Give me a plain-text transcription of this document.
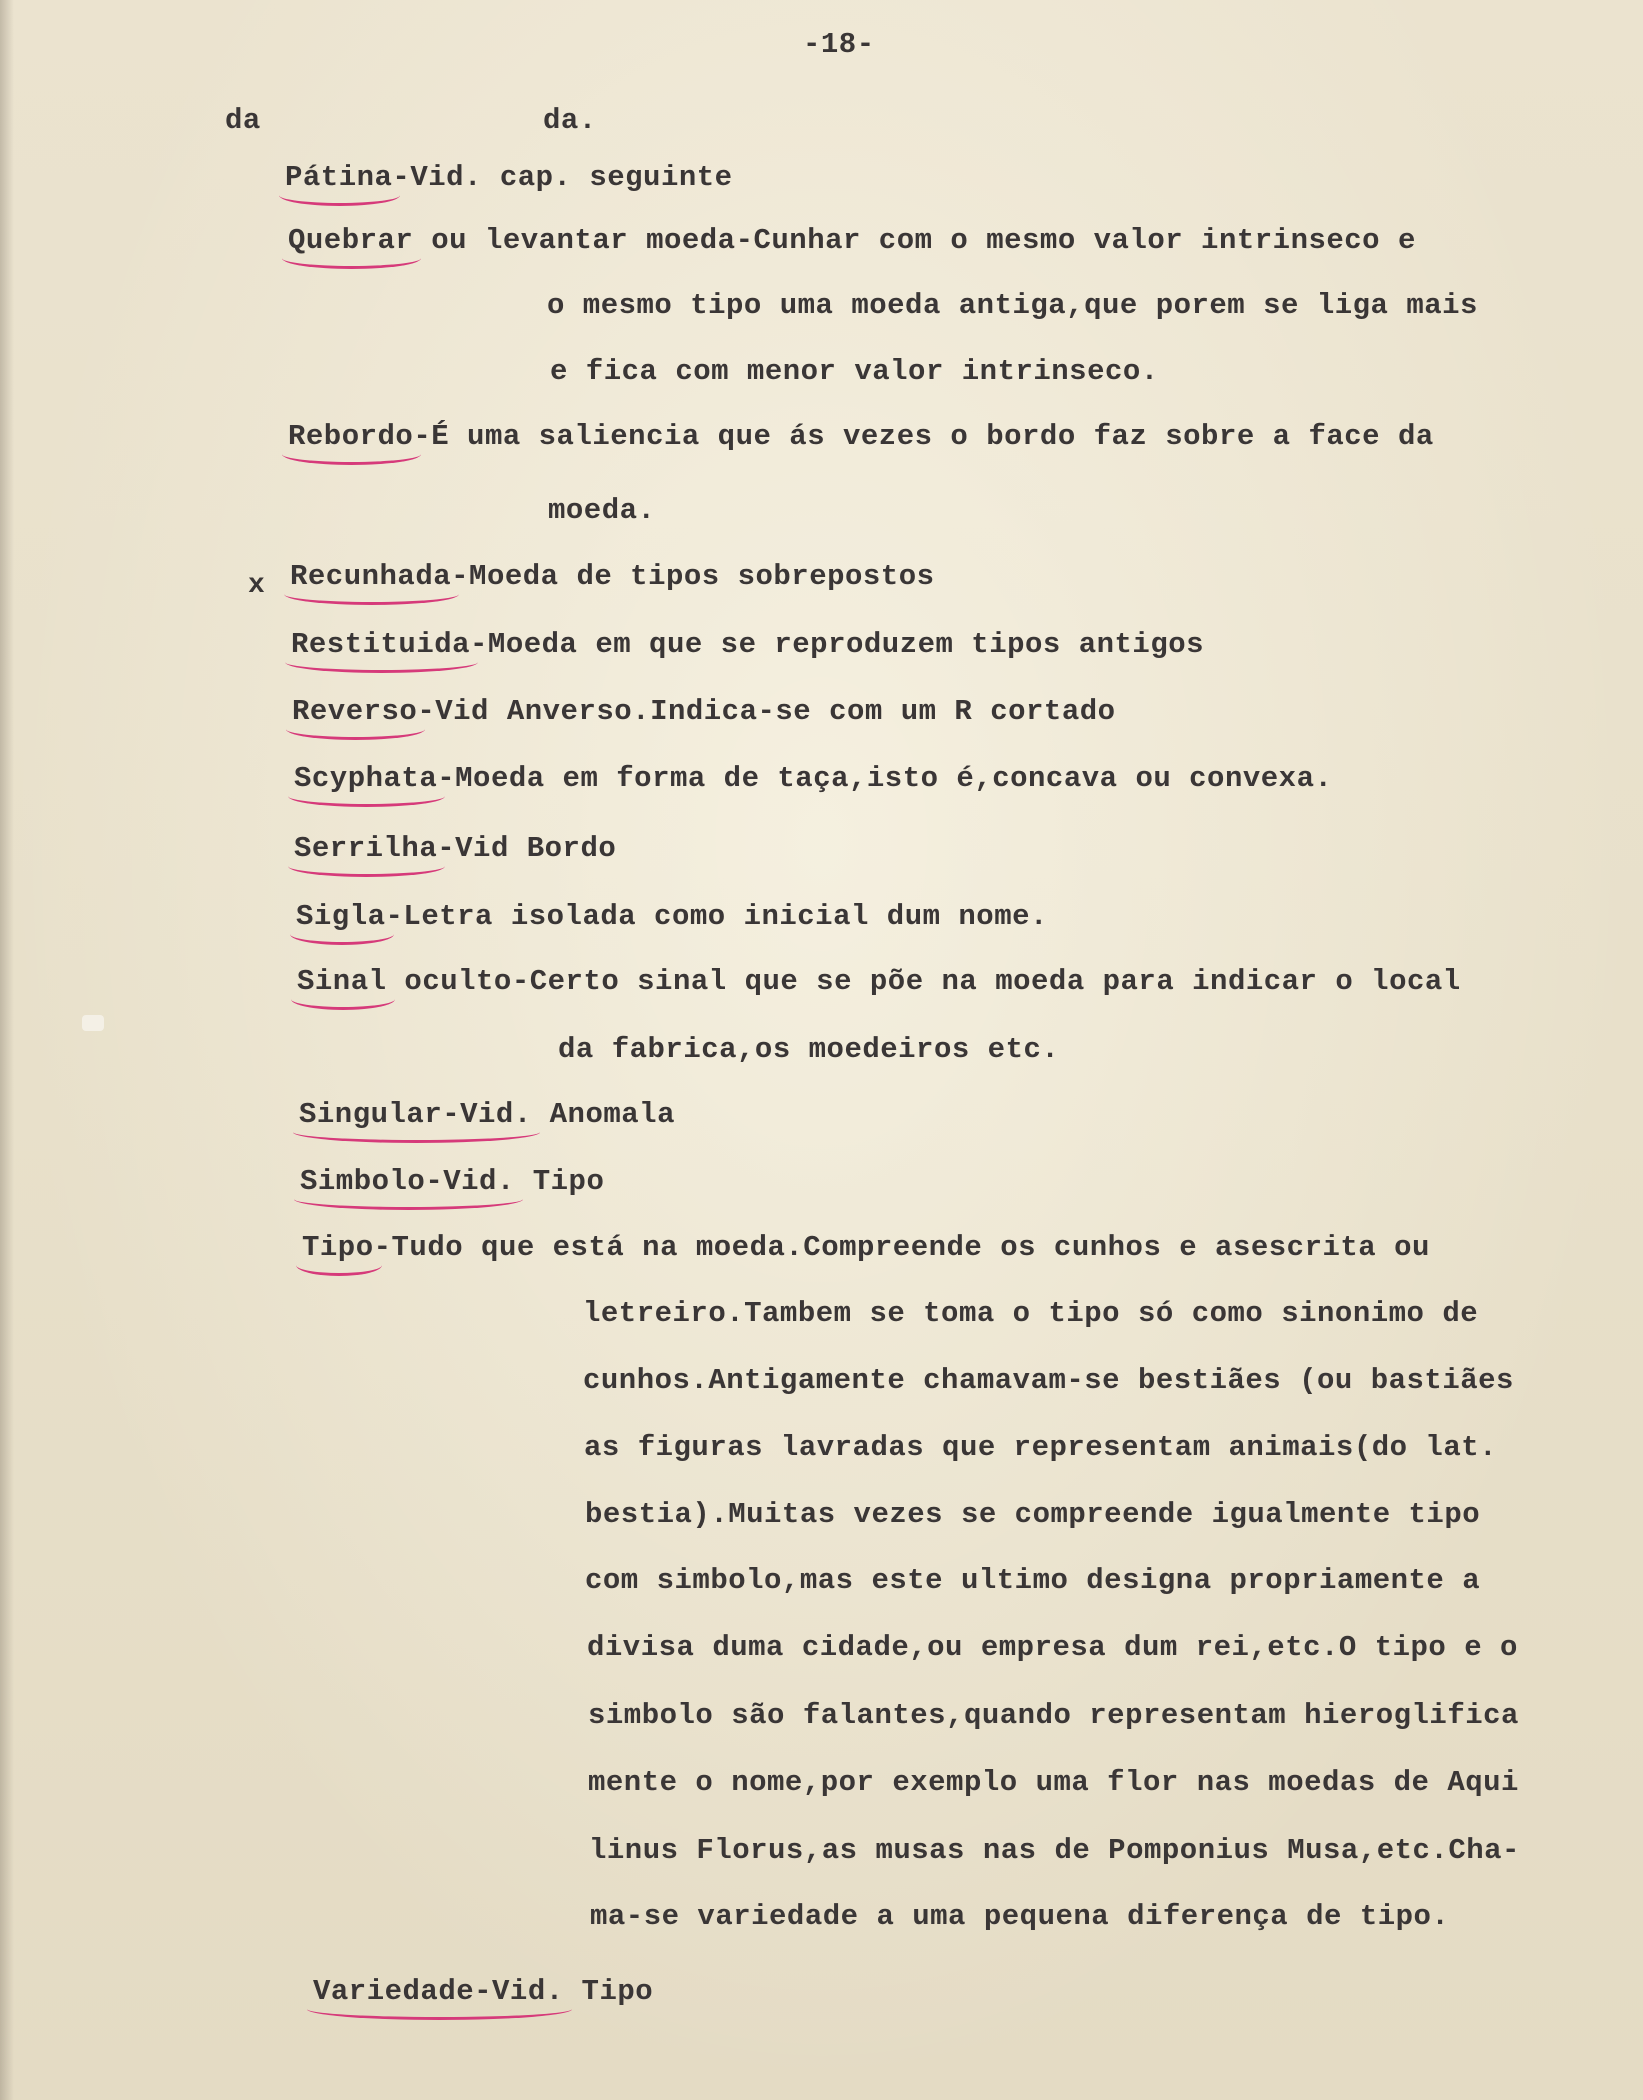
-18-
da	da.
Pátina
-Vid. cap. seguinte
Quebrar
ou levantar moeda-Cunhar com o mesmo valor intrinseco e
o mesmo tipo uma moeda antiga,que porem se liga mais
e fica com menor valor intrinseco.
Rebordo
-É uma saliencia que ás vezes o bordo faz sobre a face da
moeda.
x Recunhada
-Moeda de tipos sobrepostos
Restituida
-Moeda em que se reproduzem tipos antigos
Reverso
-Vid Anverso.Indica-se com um R cortado
Scyphata
-Moeda em forma de taça,isto é,concava ou convexa.
Serrilha
-Vid Bordo
Sigla
-Letra isolada como inicial dum nome.
Sinal
oculto-Certo sinal que se põe na moeda para indicar o local
da fabrica,os moedeiros etc.
Singular-Vid.
Anomala
Simbolo-Vid.
Tipo
Tipo
-Tudo que está na moeda.Compreende os cunhos e asescrita ou
letreiro.Tambem se toma o tipo só como sinonimo de
cunhos.Antigamente chamavam-se bestiães (ou bastiães
as figuras lavradas que representam animais(do lat.
bestia).Muitas vezes se compreende igualmente tipo
com simbolo,mas este ultimo designa propriamente a
divisa duma cidade,ou empresa dum rei,etc.O tipo e o
simbolo são falantes,quando representam hieroglifica
mente o nome,por exemplo uma flor nas moedas de Aqui
linus Florus,as musas nas de Pomponius Musa,etc.Cha-
ma-se variedade a uma pequena diferença de tipo.
Variedade-Vid.
Tipo
